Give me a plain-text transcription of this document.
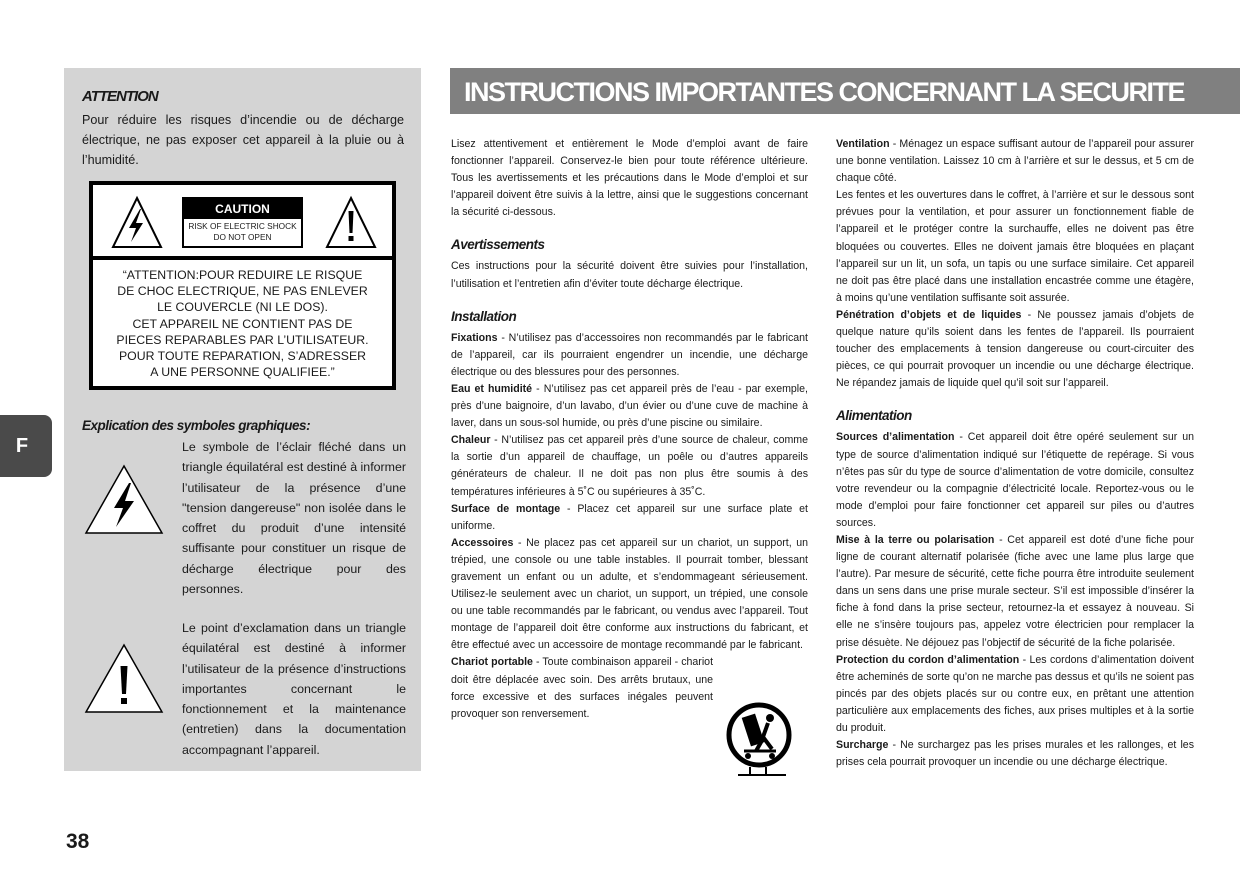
ATTENTION
Pour réduire les risques d’incendie ou de décharge électrique, ne pas exposer cet appareil à la pluie ou à l’humidité.
CAUTION
RISK OF ELECTRIC SHOCK
DO NOT OPEN
“ATTENTION:POUR REDUIRE LE RISQUE
DE CHOC ELECTRIQUE, NE PAS ENLEVER
LE COUVERCLE (NI LE DOS).
CET APPAREIL NE CONTIENT PAS DE
PIECES REPARABLES PAR L’UTILISATEUR.
POUR TOUTE REPARATION, S’ADRESSER
A UNE PERSONNE QUALIFIEE.”
Explication des symboles graphiques:
Le symbole de l’éclair fléché dans un triangle équilatéral est destiné à informer l’utilisateur de la présence d’une "tension dangereuse" non isolée dans le coffret du produit d’une intensité suffisante pour constituer un risque de décharge électrique pour des personnes.
Le point d’exclamation dans un triangle équilatéral est destiné à informer l’utilisateur de la présence d’instructions importantes concernant le fonctionnement et la maintenance (entretien) dans la documentation accompagnant l’appareil.
F
38
INSTRUCTIONS IMPORTANTES CONCERNANT LA SECURITE

Lisez attentivement et entièrement le Mode d’emploi avant de faire fonctionner l’appareil. Conservez-le bien pour toute référence ultérieure. Tous les avertissements et les précautions dans le Mode d’emploi et sur l’appareil doivent être suivis à la lettre, ainsi que le suggestions concernant la sécurité ci-dessous.

Avertissements

Ces instructions pour la sécurité doivent être suivies pour l’installation, l’utilisation et l’entretien afin d’éviter toute décharge électrique.

Installation

Fixations - N’utilisez pas d’accessoires non recommandés par le fabricant de l’appareil, car ils pourraient engendrer un incendie, une décharge électrique ou des blessures pour des personnes.

Eau et humidité - N’utilisez pas cet appareil près de l’eau - par exemple, près d’une baignoire, d’un lavabo, d’un évier ou d’une cuve de machine à laver, dans un sous-sol humide, ou près d’une piscine ou similaire.

Chaleur - N’utilisez pas cet appareil près d’une source de chaleur, comme la sortie d’un appareil de chauffage, un poêle ou d’autres appareils générateurs de chaleur. Il ne doit pas non plus être soumis à des températures inférieures à 5˚C ou supérieures à 35˚C.

Surface de montage - Placez cet appareil sur une surface plate et uniforme.

Accessoires - Ne placez pas cet appareil sur un chariot, un support, un trépied, une console ou une table instables. Il pourrait tomber, blessant gravement un enfant ou un adulte, et s’endommageant sérieusement. Utilisez-le seulement avec un chariot, un support, un trépied, une console ou une table recommandés par le fabricant, ou vendus avec l’appareil. Tout montage de l’appareil doit être conforme aux instructions du fabricant, et être effectué avec un accessoire de montage recommandé par le fabricant.

Chariot portable - Toute combinaison appareil - chariot doit être déplacée avec soin. Des arrêts brutaux, une force excessive et des surfaces inégales peuvent provoquer son renversement.

Ventilation - Ménagez un espace suffisant autour de l’appareil pour assurer une bonne ventilation. Laissez 10 cm à l’arrière et sur le dessus, et 5 cm de chaque côté.

Les fentes et les ouvertures dans le coffret, à l’arrière et sur le dessous sont prévues pour la ventilation, et pour assurer un fonctionnement fiable de l’appareil et le protéger contre la surchauffe, elles ne doivent pas être bloquées ou couvertes. Elles ne doivent jamais être bloquées en plaçant l’appareil sur un lit, un sofa, un tapis ou une surface similaire. Cet appareil ne doit pas être placé dans une installation encastrée comme une étagère, à moins qu’une ventilation suffisante soit assurée.

Pénétration d’objets et de liquides - Ne poussez jamais d’objets de quelque nature qu’ils soient dans les fentes de l’appareil. Ils pourraient toucher des emplacements à tension dangereuse ou court-circuiter des pièces, ce qui pourrait provoquer un incendie ou une décharge électrique. Ne répandez jamais de liquide quel qu’il soit sur l’appareil.

Alimentation

Sources d’alimentation - Cet appareil doit être opéré seulement sur un type de source d’alimentation indiqué sur l’étiquette de repérage. Si vous n’êtes pas sûr du type de source d’alimentation de votre domicile, consultez votre revendeur ou la compagnie d’électricité locale. Reportez-vous ou le mode d’emploi pour faire fonctionner cet appareil sur piles ou d’autres sources.

Mise à la terre ou polarisation - Cet appareil est doté d’une fiche pour ligne de courant alternatif polarisée (fiche avec une lame plus large que l’autre). Par mesure de sécurité, cette fiche pourra être introduite seulement dans un sens dans une prise murale secteur. S’il est impossible d’insérer la fiche à fond dans la prise secteur, retournez-la et essayez à nouveau. Si elle ne s’insère toujours pas, appelez votre électricien pour remplacer la prise désuète. Ne déjouez pas l’objectif de sécurité de la fiche polarisée.

Protection du cordon d’alimentation - Les cordons d’alimentation doivent être acheminés de sorte qu’on ne marche pas dessus et qu’ils ne soient pas pincés par des objets placés sur ou contre eux, en prêtant une attention particulière aux emplacements des fiches, aux prises multiples et à la sortie du produit.

Surcharge - Ne surchargez pas les prises murales et les rallonges, et les prises cela pourrait provoquer un incendie ou une décharge électrique.
